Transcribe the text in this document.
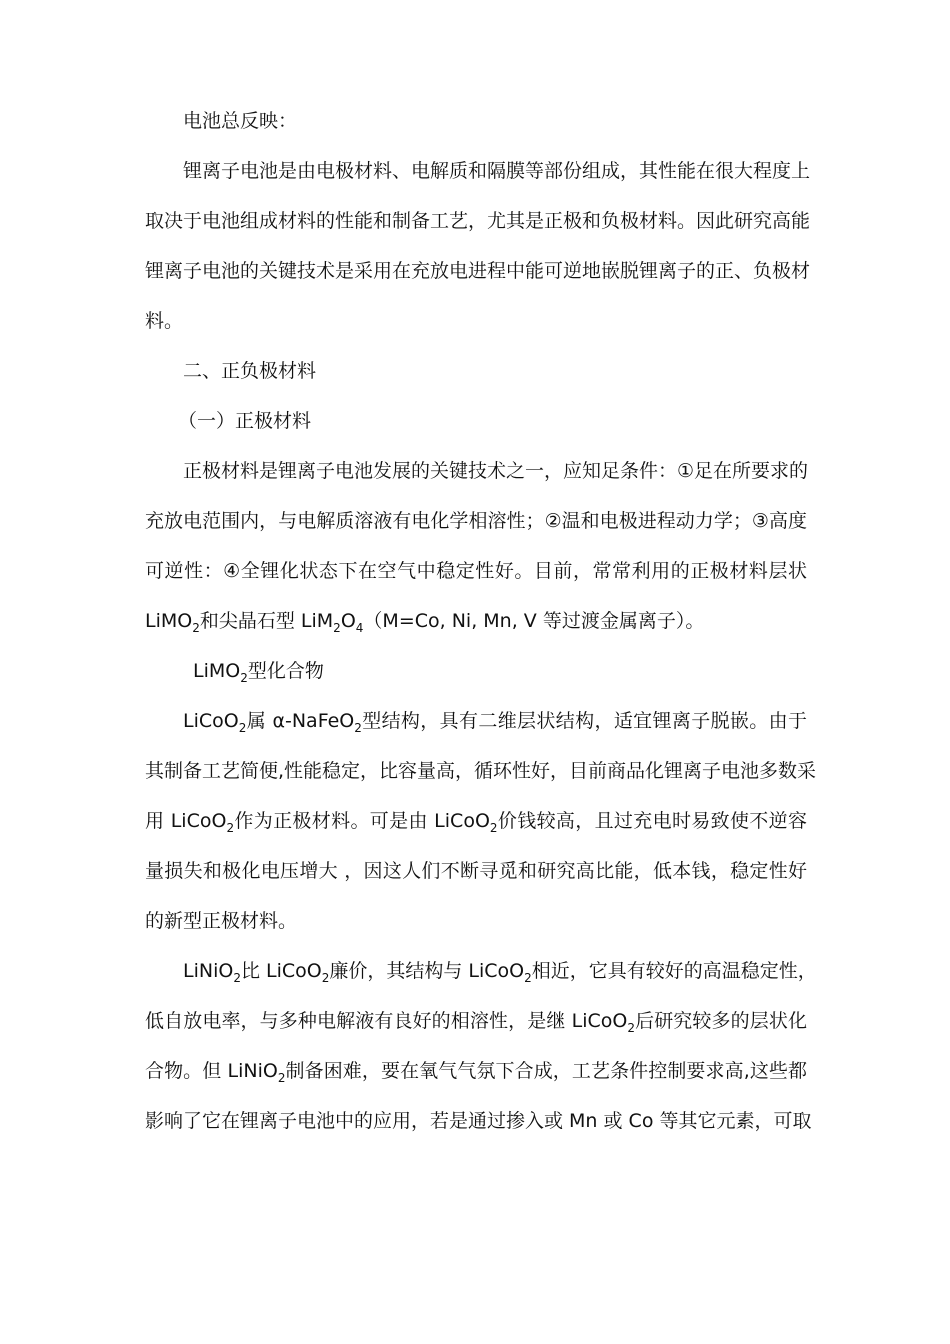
电池总反映：
锂离子电池是由电极材料、电解质和隔膜等部份组成，其性能在很大程度上
取决于电池组成材料的性能和制备工艺，尤其是正极和负极材料。因此研究高能
锂离子电池的关键技术是采用在充放电进程中能可逆地嵌脱锂离子的正、负极材
料。
二、正负极材料
（一）正极材料
正极材料是锂离子电池发展的关键技术之一，应知足条件：①足在所要求的
充放电范围内，与电解质溶液有电化学相溶性；②温和电极进程动力学；③高度
可逆性：④全锂化状态下在空气中稳定性好。目前，常常利用的正极材料层状
LiMO$_2$和尖晶石型 $LiM_2O_4(M=Co$, Ni, Mn, V 等过渡金属离子）。
LiMO$_2$型化合物
LiCoO$_2$属 α-NaFeO$_2$型结构，具有二维层状结构，适宜锂离子脱嵌。由于
其制备工艺简便,性能稳定，比容量高，循环性好，目前商品化锂离子电池多数采
用 LiCoO$_2$作为正极材料。可是由 LiCoO$_2$价钱较高，且过充电时易致使不逆容
量损失和极化电压增大 ，因这人们不断寻觅和研究高比能，低本钱，稳定性好
的新型正极材料。
LiNiO$_2$比 LiCoO$_2$廉价，其结构与 LiCoO$_2$相近，它具有较好的高温稳定性，
低自放电率，与多种电解液有良好的相溶性，是继 LiCoO$_2$后研究较多的层状化
合物。但 LiNiO$_2$制备困难，要在氧气气氛下合成，工艺条件控制要求高,这些都
影响了它在锂离子电池中的应用，若是通过掺入或 Mn 或 Co 等其它元素，可取
